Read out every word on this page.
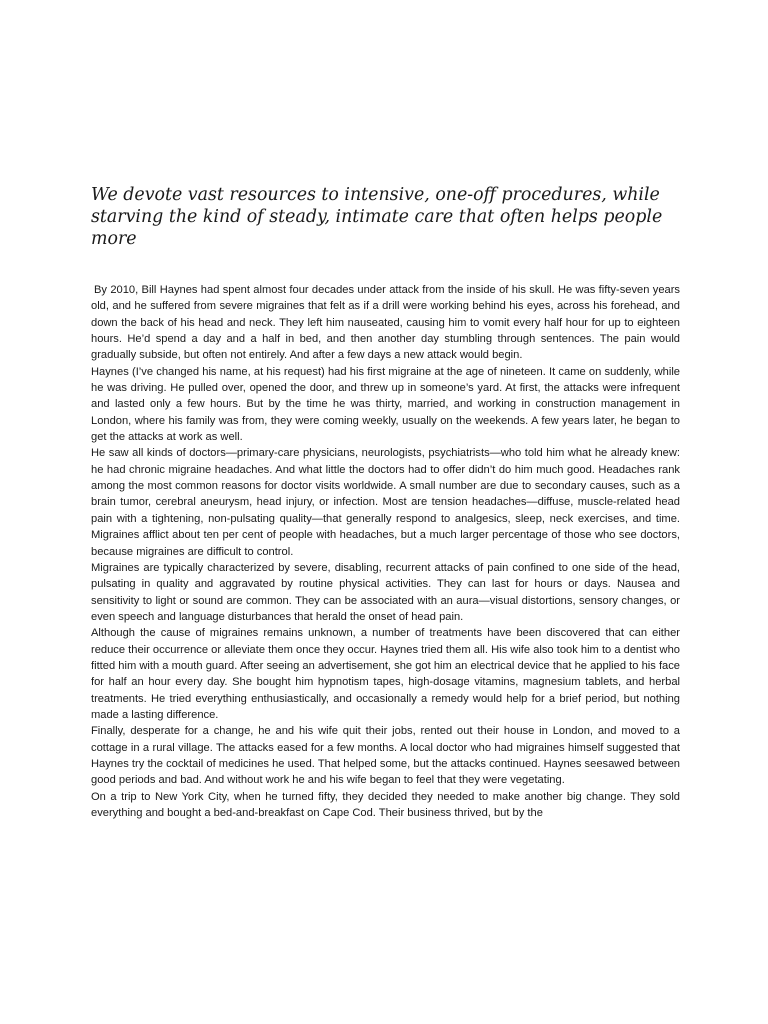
We devote vast resources to intensive, one-off procedures, while starving the kind of steady, intimate care that often helps people more

By 2010, Bill Haynes had spent almost four decades under attack from the inside of his skull. He was fifty-seven years old, and he suffered from severe migraines that felt as if a drill were working behind his eyes, across his forehead, and down the back of his head and neck. They left him nauseated, causing him to vomit every half hour for up to eighteen hours. He’d spend a day and a half in bed, and then another day stumbling through sentences. The pain would gradually subside, but often not entirely. And after a few days a new attack would begin.

Haynes (I’ve changed his name, at his request) had his first migraine at the age of nineteen. It came on suddenly, while he was driving. He pulled over, opened the door, and threw up in someone’s yard. At first, the attacks were infrequent and lasted only a few hours. But by the time he was thirty, married, and working in construction management in London, where his family was from, they were coming weekly, usually on the weekends. A few years later, he began to get the attacks at work as well.

He saw all kinds of doctors—primary-care physicians, neurologists, psychiatrists—who told him what he already knew: he had chronic migraine headaches. And what little the doctors had to offer didn’t do him much good. Headaches rank among the most common reasons for doctor visits worldwide. A small number are due to secondary causes, such as a brain tumor, cerebral aneurysm, head injury, or infection. Most are tension headaches—diffuse, muscle-related head pain with a tightening, non-pulsating quality—that generally respond to analgesics, sleep, neck exercises, and time. Migraines afflict about ten per cent of people with headaches, but a much larger percentage of those who see doctors, because migraines are difficult to control.

Migraines are typically characterized by severe, disabling, recurrent attacks of pain confined to one side of the head, pulsating in quality and aggravated by routine physical activities. They can last for hours or days. Nausea and sensitivity to light or sound are common. They can be associated with an aura—visual distortions, sensory changes, or even speech and language disturbances that herald the onset of head pain.

Although the cause of migraines remains unknown, a number of treatments have been discovered that can either reduce their occurrence or alleviate them once they occur. Haynes tried them all. His wife also took him to a dentist who fitted him with a mouth guard. After seeing an advertisement, she got him an electrical device that he applied to his face for half an hour every day. She bought him hypnotism tapes, high-dosage vitamins, magnesium tablets, and herbal treatments. He tried everything enthusiastically, and occasionally a remedy would help for a brief period, but nothing made a lasting difference.

Finally, desperate for a change, he and his wife quit their jobs, rented out their house in London, and moved to a cottage in a rural village. The attacks eased for a few months. A local doctor who had migraines himself suggested that Haynes try the cocktail of medicines he used. That helped some, but the attacks continued. Haynes seesawed between good periods and bad. And without work he and his wife began to feel that they were vegetating.

On a trip to New York City, when he turned fifty, they decided they needed to make another big change. They sold everything and bought a bed-and-breakfast on Cape Cod. Their business thrived, but by the
